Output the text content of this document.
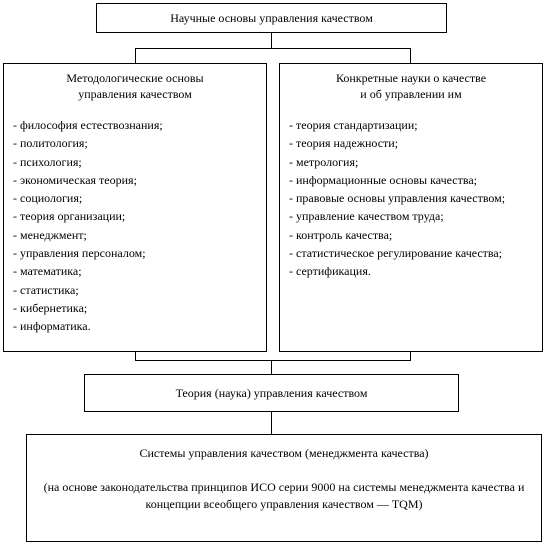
Научные основы управления качеством
Методологические основы
управления качеством
- философия естествознания;
- политология;
- психология;
- экономическая теория;
- социология;
- теория организации;
- менеджмент;
- управления персоналом;
- математика;
- статистика;
- кибернетика;
- информатика.
Конкретные науки о качестве
и об управлении им
- теория стандартизации;
- теория надежности;
- метрология;
- информационные основы качества;
- правовые основы управления качеством;
- управление качеством труда;
- контроль качества;
- статистическое регулирование качества;
- сертификация.
Теория (наука) управления качеством
Системы управления качеством (менеджмента качества)
(на основе законодательства принципов ИСО серии 9000 на системы менеджмента качества и концепции всеобщего управления качеством — TQM)
